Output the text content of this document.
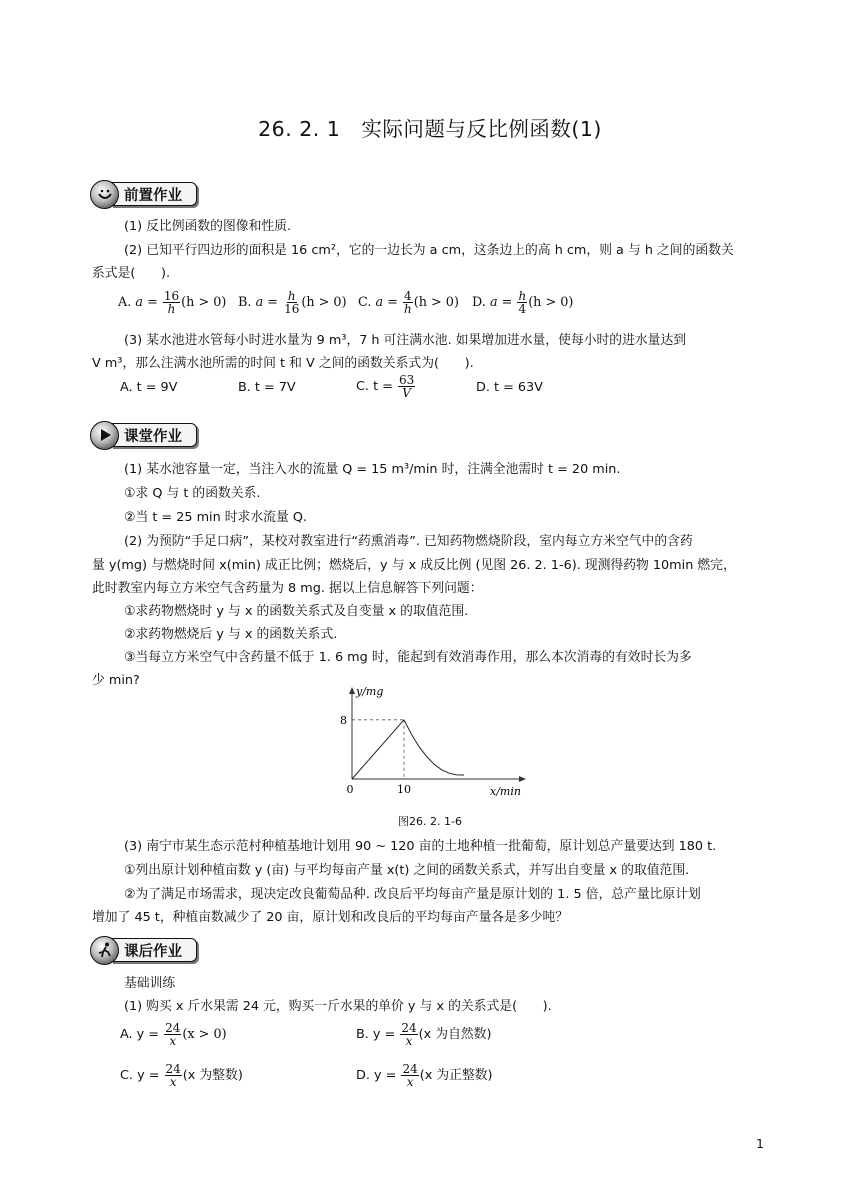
26. 2. 1　实际问题与反比例函数(1)
前置作业
(1) 反比例函数的图像和性质.
(2) 已知平行四边形的面积是 16 cm²，它的一边长为 a cm，这条边上的高 h cm，则 a 与 h 之间的函数关
系式是(　　).
A. $a = \frac{16}{h} (h > 0)$ B. $a = \frac{h}{16} (h > 0)$ C. $a = \frac{4}{h} (h > 0)$ D. $a = \frac{h}{4} (h > 0)$
(3) 某水池进水管每小时进水量为 9 m³，7 h 可注满水池. 如果增加进水量，使每小时的进水量达到
V m³，那么注满水池所需的时间 t 和 V 之间的函数关系式为(　　).
A. t = 9V	B. t = 7V	C. $t = \frac{63}{V}$	D. t = 63V
课堂作业
(1) 某水池容量一定，当注入水的流量 Q = 15 m³/min 时，注满全池需时 t = 20 min.
①求 Q 与 t 的函数关系.
②当 t = 25 min 时求水流量 Q.
(2) 为预防“手足口病”，某校对教室进行“药熏消毒”. 已知药物燃烧阶段，室内每立方米空气中的含药
量 y(mg) 与燃烧时间 x(min) 成正比例；燃烧后，y 与 x 成反比例 (见图 26. 2. 1-6). 现测得药物 10min 燃完，
此时教室内每立方米空气含药量为 8 mg. 据以上信息解答下列问题：
①求药物燃烧时 y 与 x 的函数关系式及自变量 x 的取值范围.
②求药物燃烧后 y 与 x 的函数关系式.
③当每立方米空气中含药量不低于 1. 6 mg 时，能起到有效消毒作用，那么本次消毒的有效时长为多
少 min?
0	10
8
y/mg
x/min
图26. 2. 1-6
(3) 南宁市某生态示范村种植基地计划用 90 ~ 120 亩的土地种植一批葡萄，原计划总产量要达到 180 t.
①列出原计划种植亩数 y (亩) 与平均每亩产量 x(t) 之间的函数关系式，并写出自变量 x 的取值范围.
②为了满足市场需求，现决定改良葡萄品种. 改良后平均每亩产量是原计划的 1. 5 倍，总产量比原计划
增加了 45 t，种植亩数减少了 20 亩，原计划和改良后的平均每亩产量各是多少吨？
课后作业
基础训练
(1) 购买 x 斤水果需 24 元，购买一斤水果的单价 y 与 x 的关系式是(　　).
A. $y = \frac{24}{x} (x > 0)$	B. $y = \frac{24}{x} (x$ 为自然数)
C. $y = \frac{24}{x} (x$ 为整数)	D. $y = \frac{24}{x} (x$ 为正整数)
1
